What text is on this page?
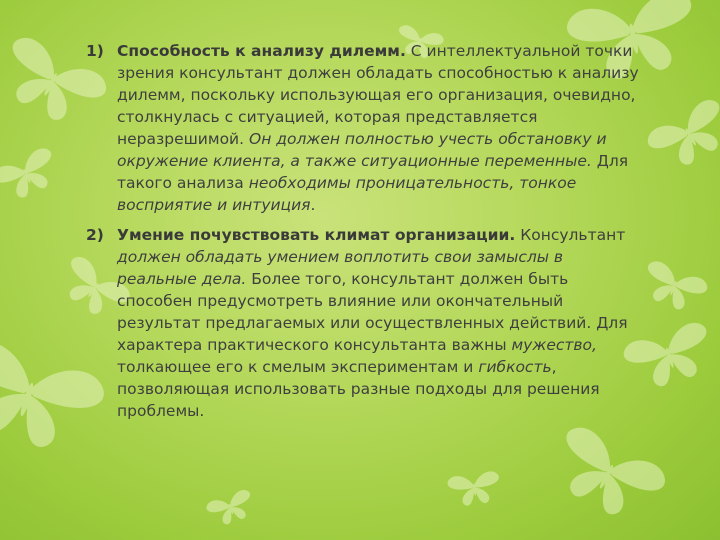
1) Способность к анализу дилемм. С интеллектуальной точки зрения консультант должен обладать способностью к анализу дилемм, поскольку использующая его организация, очевидно, столкнулась с ситуацией, которая представляется неразрешимой. Он должен полностью учесть обстановку и окружение клиента, а также ситуационные переменные. Для такого анализа необходимы проницательность, тонкое восприятие и интуиция.
2) Умение почувствовать климат организации. Консультант должен обладать умением воплотить свои замыслы в реальные дела. Более того, консультант должен быть способен предусмотреть влияние или окончательный результат предлагаемых или осуществленных действий. Для характера практического консультанта важны мужество, толкающее его к смелым экспериментам и гибкость, позволяющая использовать разные подходы для решения проблемы.
